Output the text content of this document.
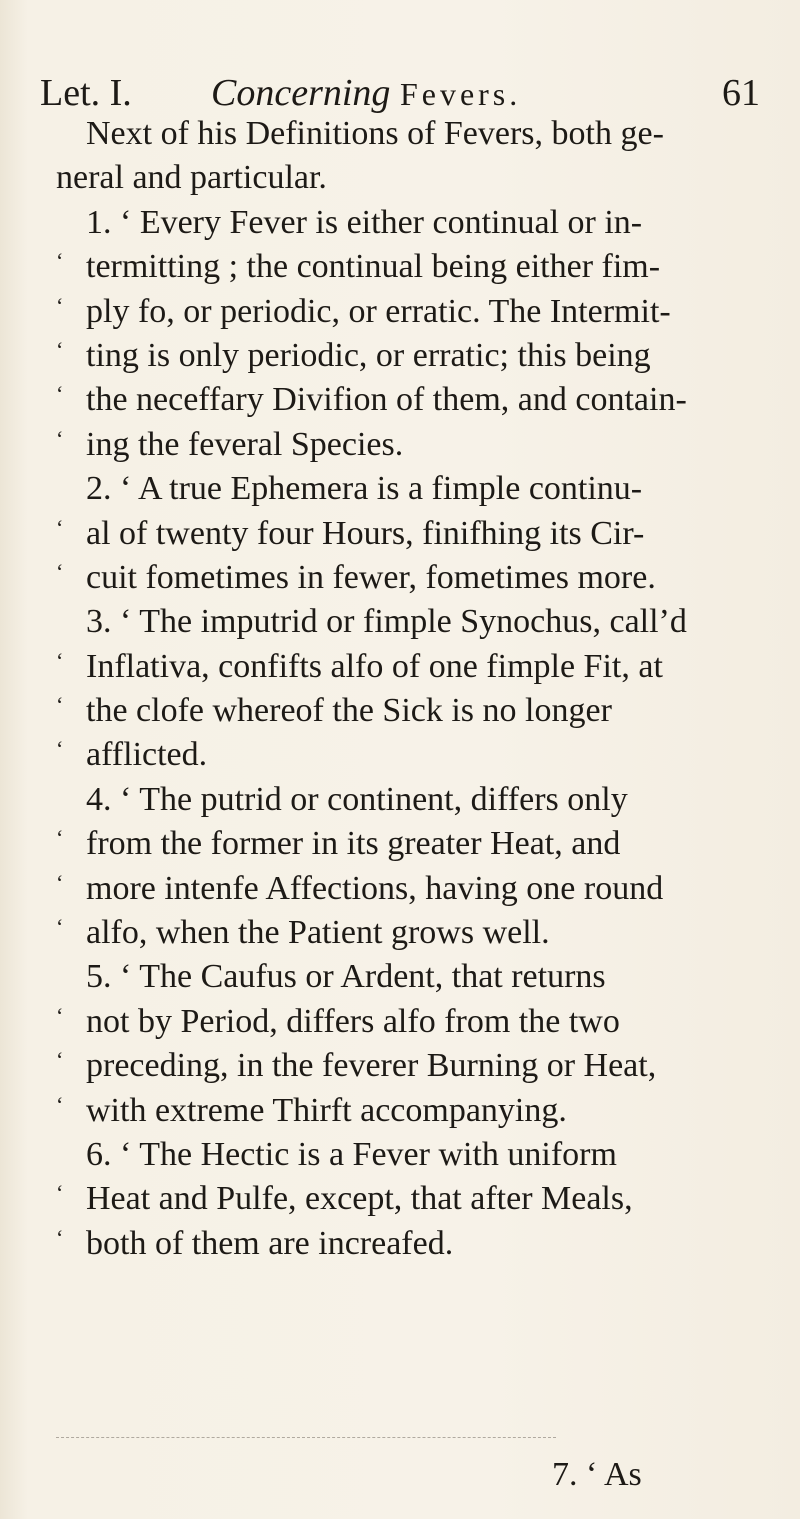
Let. I. Concerning Fevers.	61
Next of his Definitions of Fevers, both ge-
neral and particular.
1. ‘ Every Fever is either continual or in-
‘ termitting ; the continual being either fim-
‘ ply fo, or periodic, or erratic. The Intermit-
‘ ting is only periodic, or erratic; this being
‘ the neceffary Divifion of them, and contain-
‘ ing the feveral Species.
2. ‘ A true Ephemera is a fimple continu-
‘ al of twenty four Hours, finifhing its Cir-
‘ cuit fometimes in fewer, fometimes more.
3. ‘ The imputrid or fimple Synochus, call’d
‘ Inflativa, confifts alfo of one fimple Fit, at
‘ the clofe whereof the Sick is no longer
‘ afflicted.
4. ‘ The putrid or continent, differs only
‘ from the former in its greater Heat, and
‘ more intenfe Affections, having one round
‘ alfo, when the Patient grows well.
5. ‘ The Caufus or Ardent, that returns
‘ not by Period, differs alfo from the two
‘ preceding, in the feverer Burning or Heat,
‘ with extreme Thirft accompanying.
6. ‘ The Hectic is a Fever with uniform
‘ Heat and Pulfe, except, that after Meals,
‘ both of them are increafed.
7. ‘ As
